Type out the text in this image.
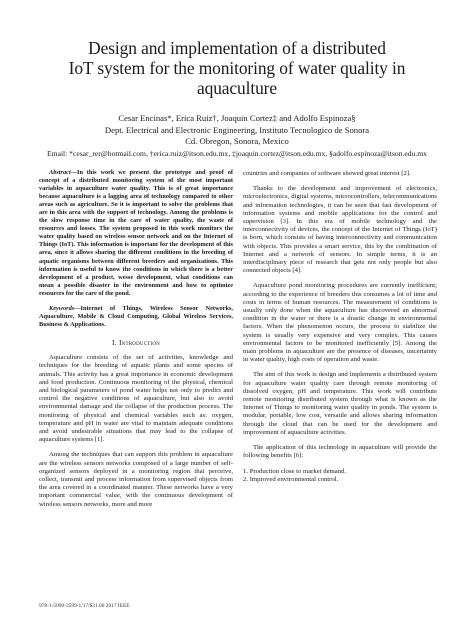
Design and implementation of a distributed
IoT system for the monitoring of water quality in
aquaculture
Cesar Encinas*, Erica Ruiz†, Joaquin Cortez‡ and Adolfo Espinoza§
Dept. Electrical and Electronic Engineering, Instituto Tecnologico de Sonora
Cd. Obregon, Sonora, Mexico
Email: *cesar_rer@hotmail.com, †erica.ruiz@itson.edu.mx, ‡joaquin.cortez@itson.edu.mx, §adolfo.espinoza@itson.edu.mx

Abstract—In this work we present the prototype and proof of concept of a distributed monitoring system of the most important variables in aquaculture water quality. This is of great importance because aquaculture is a lagging area of technology compared to other areas such as agriculture. So it is important to solve the problems that are in this area with the support of technology. Among the problems is the slow response time in the care of water quality, the waste of resources and losses. The system proposed in this work monitors the water quality based on wireless sensor network and on the Internet of Things (IoT). This information is important for the development of this area, since it allows sharing the different conditions in the breeding of aquatic organisms between different breeders and organizations. This information is useful to know the conditions in which there is a better development of a product, wesse development, what conditions can mean a possible disaster in the environment and how to optimize resources for the care of the pond.

Keywords—Internet of Things, Wireless Sensor Networks, Aquaculture, Mobile & Cloud Computing, Global Wireless Services, Business & Applications.

I. Introduction

Aquaculture consists of the set of activities, knowledge and techniques for the breeding of aquatic plants and some species of animals. This activity has a great importance in economic development and food production. Continuous monitoring of the physical, chemical and biological parameters of pond water helps not only to predict and control the negative conditions of aquaculture, but also to avoid environmental damage and the collapse of the production process. The monitoring of physical and chemical variables such as: oxygen, temperature and pH in water are vital to maintain adequate conditions and avoid undesirable situations that may lead to the collapse of aquaculture systems [1].

Among the techniques that can support this problem in aquaculture are the wireless sensors networks composed of a large number of self-organized sensors deployed in a monitoring region that perceive, collect, transmit and process information from supervised objects from the area covered in a coordinated manner. These networks have a very important commercial value, with the continuous development of wireless sensors networks, more and more

countries and companies of software showed great interest [2].

Thanks to the development and improvement of electronics, microelectronics, digital systems, microcontrollers, telecommunications and information technologies, it can be seen that fast development of information systems and mobile applications for the control and supervision [3]. In this era of mobile technology and the interconnectivity of devices, the concept of the Internet of Things (IoT) is born, which consists of having interconnectivity and communication with objects. This provides a smart service, this by the combination of Internet and a network of sensors. In simple terms, it is an interdisciplinary piece of research that gets not only people but also connected objects [4].

Aquaculture pond monitoring procedures are currently inefficient; according to the experience of breeders this consumes a lot of time and costs in terms of human resources. The measurement of conditions is usually only done when the aquaculture has discovered an abnormal condition in the water or there is a drastic change in environmental factors. When the phenomenon occurs, the process to stabilize the system is usually very expensive and very complex. This causes environmental factors to be monitored inefficiently [5]. Among the main problems in aquaculture are the presence of diseases, uncertainty in water quality, high costs of operation and waste.

The aim of this work is design and implements a distributed system for aquaculture water quality care through remote monitoring of dissolved oxygen, pH and temperature. This work will contribute remote monitoring distributed system through what is known as the Internet of Things to monitoring water quality in ponds. The system is modular, portable, low cost, versatile and allows sharing information through the cloud that can be used for the development and improvement of aquaculture activities.

The application of this technology in aquaculture will provide the following benefits [6]:

1. Production close to market demand.
2. Improved environmental control.
978-1-5090-3599-1/17/$31.00 2017 IEEE
